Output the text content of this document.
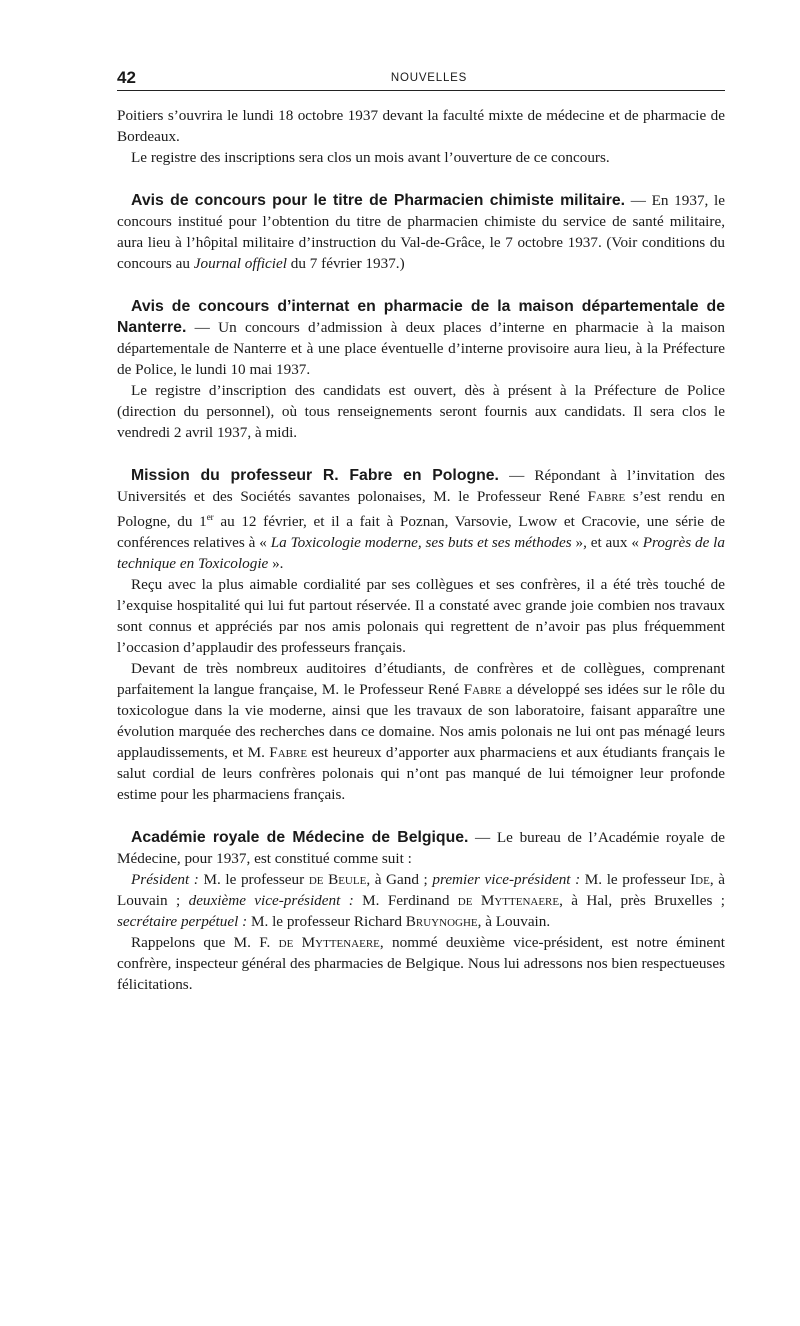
42	NOUVELLES

Poitiers s’ouvrira le lundi 18 octobre 1937 devant la faculté mixte de médecine et de pharmacie de Bordeaux.

Le registre des inscriptions sera clos un mois avant l’ouverture de ce concours.

Avis de concours pour le titre de Pharmacien chimiste militaire. — En 1937, le concours institué pour l’obtention du titre de pharmacien chimiste du service de santé militaire, aura lieu à l’hôpital militaire d’instruction du Val-de-Grâce, le 7 octobre 1937. (Voir conditions du concours au Journal officiel du 7 février 1937.)

Avis de concours d’internat en pharmacie de la maison départementale de Nanterre. — Un concours d’admission à deux places d’interne en pharmacie à la maison départementale de Nanterre et à une place éventuelle d’interne provisoire aura lieu, à la Préfecture de Police, le lundi 10 mai 1937.

Le registre d’inscription des candidats est ouvert, dès à présent à la Préfecture de Police (direction du personnel), où tous renseignements seront fournis aux candidats. Il sera clos le vendredi 2 avril 1937, à midi.

Mission du professeur R. Fabre en Pologne. — Répondant à l’invitation des Universités et des Sociétés savantes polonaises, M. le Professeur René Fabre s’est rendu en Pologne, du 1er au 12 février, et il a fait à Poznan, Varsovie, Lwow et Cracovie, une série de conférences relatives à « La Toxicologie moderne, ses buts et ses méthodes », et aux « Progrès de la technique en Toxicologie ».

Reçu avec la plus aimable cordialité par ses collègues et ses confrères, il a été très touché de l’exquise hospitalité qui lui fut partout réservée. Il a constaté avec grande joie combien nos travaux sont connus et appréciés par nos amis polonais qui regrettent de n’avoir pas plus fréquemment l’occasion d’applaudir des professeurs français.

Devant de très nombreux auditoires d’étudiants, de confrères et de collègues, comprenant parfaitement la langue française, M. le Professeur René Fabre a développé ses idées sur le rôle du toxicologue dans la vie moderne, ainsi que les travaux de son laboratoire, faisant apparaître une évolution marquée des recherches dans ce domaine. Nos amis polonais ne lui ont pas ménagé leurs applaudissements, et M. Fabre est heureux d’apporter aux pharmaciens et aux étudiants français le salut cordial de leurs confrères polonais qui n’ont pas manqué de lui témoigner leur profonde estime pour les pharmaciens français.

Académie royale de Médecine de Belgique. — Le bureau de l’Académie royale de Médecine, pour 1937, est constitué comme suit :

Président : M. le professeur de Beule, à Gand ; premier vice-président : M. le professeur Ide, à Louvain ; deuxième vice-président : M. Ferdinand de Myttenaere, à Hal, près Bruxelles ; secrétaire perpétuel : M. le professeur Richard Bruynoghe, à Louvain.

Rappelons que M. F. de Myttenaere, nommé deuxième vice-président, est notre éminent confrère, inspecteur général des pharmacies de Belgique. Nous lui adressons nos bien respectueuses félicitations.
